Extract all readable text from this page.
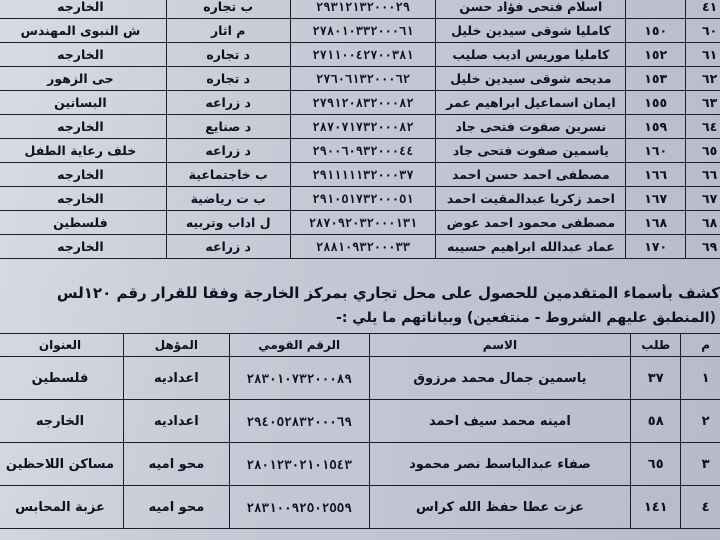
٤١		اسلام فتحى فؤاد حسن	٢٩٣١٢١٣٢٠٠٠٢٩	ب تجاره	الخارجه
٦٠	١٥٠	كامليا شوقى سيدين خليل	٢٧٨٠١٠٣٣٢٠٠٠٦١	م اثار	ش النبوى المهندس
٦١	١٥٢	كامليا موريس اديب صليب	٢٧١١٠٠٤٢٧٠٠٣٨١	د تجاره	الخارجه
٦٢	١٥٣	مديحه شوقى سيدين خليل	٢٧٦٠٦١٣٢٠٠٠٦٢	د تجاره	حى الزهور
٦٣	١٥٥	ايمان اسماعيل ابراهيم عمر	٢٧٩١٢٠٨٣٢٠٠٠٨٢	د زراعه	البساتين
٦٤	١٥٩	نسرين صفوت فتحى جاد	٢٨٧٠٧١٧٣٢٠٠٠٨٢	د صنايع	الخارجه
٦٥	١٦٠	ياسمين صفوت فتحى جاد	٢٩٠٠٦٠٩٣٢٠٠٠٤٤	د زراعه	خلف رعاية الطفل
٦٦	١٦٦	مصطفى احمد حسن احمد	٢٩١١١١١٣٢٠٠٠٣٧	ب خاجتماعية	الخارجه
٦٧	١٦٧	احمد زكريا عبدالمقيت احمد	٢٩١٠٥١٧٣٢٠٠٠٥١	ب ت رياضية	الخارجه
٦٨	١٦٨	مصطفى محمود احمد عوض	٢٨٧٠٩٢٠٣٢٠٠٠١٣١	ل اداب وتربيه	فلسطين
٦٩	١٧٠	عماد عبدالله ابراهيم حسيبه	٢٨٨١٠٩٣٢٠٠٠٣٣	د زراعه	الخارجه
كشف بأسماء المتقدمين للحصول على محل تجاري بمركز الخارجة وفقا للقرار رقم ١٢٠لس
(المنطبق عليهم الشروط - منتفعين) وبياناتهم ما يلي :-
م	طلب	الاسم	الرقم القومي	المؤهل	العنوان
١	٣٧	ياسمين جمال محمد مرزوق	٢٨٣٠١٠٧٣٢٠٠٠٨٩	اعداديه	فلسطين
٢	٥٨	امينه محمد سيف احمد	٢٩٤٠٥٢٨٣٢٠٠٠٦٩	اعداديه	الخارجه
٣	٦٥	صفاء عبدالباسط نصر محمود	٢٨٠١٢٣٠٢١٠١٥٤٣	محو اميه	مساكن اللاحظين
٤	١٤١	عزت عطا حفظ الله كراس	٢٨٣١٠٠٩٢٥٠٢٥٥٩	محو اميه	عزبة المحابس
